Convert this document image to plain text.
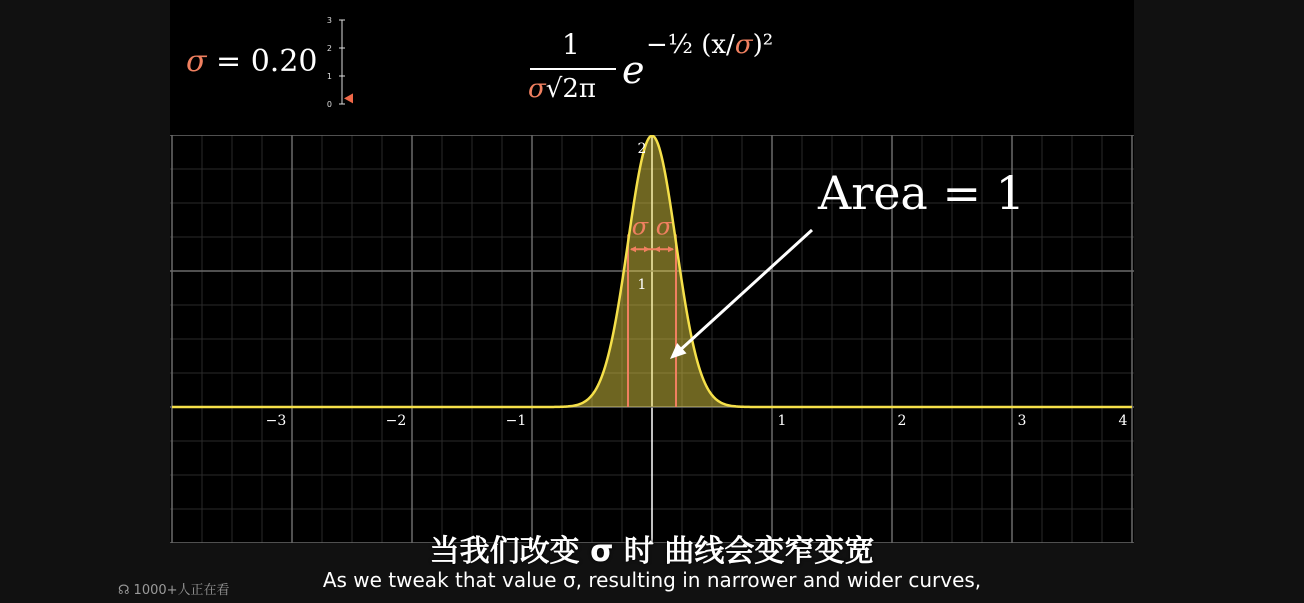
σ = 0.20
3
2
1
0
1
σ√2π e
−½ (x/σ)²
σ σ
−3	−2	−1	1	2	3	4
2
1
Area = 1
当我们改变 σ 时 曲线会变窄变宽
As we tweak that value σ, resulting in narrower and wider curves,
☊ 1000+人正在看
